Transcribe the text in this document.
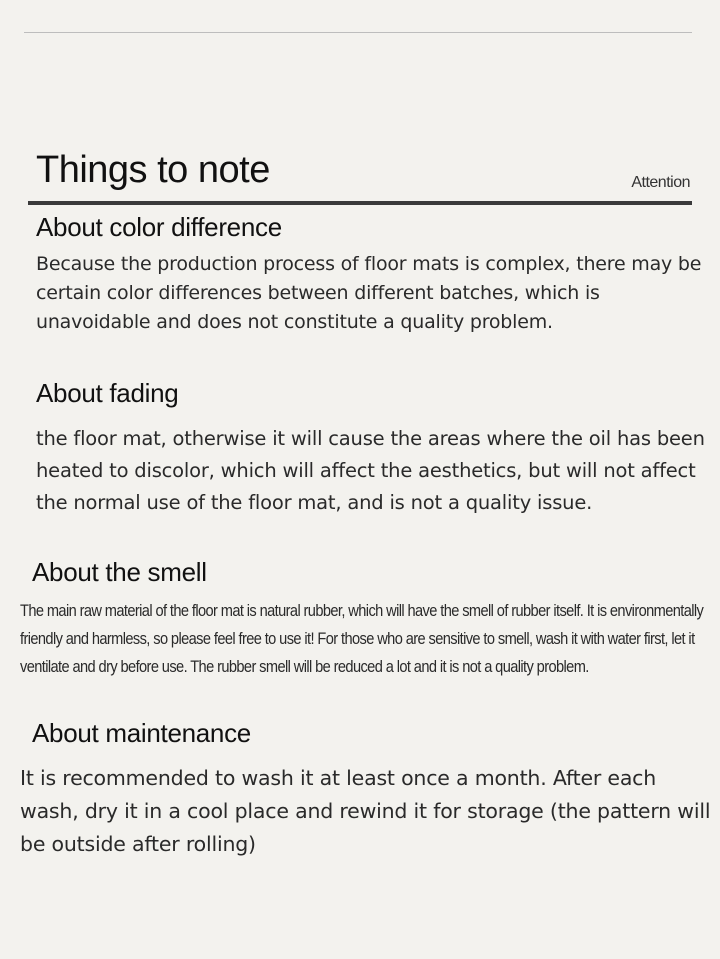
Things to note	Attention
About color difference

Because the production process of floor mats is complex, there may be certain color differences between different batches, which is unavoidable and does not constitute a quality problem.

About fading

the floor mat, otherwise it will cause the areas where the oil has been heated to discolor, which will affect the aesthetics, but will not affect the normal use of the floor mat, and is not a quality issue.

About the smell

The main raw material of the floor mat is natural rubber, which will have the smell of rubber itself. It is environmentally friendly and harmless, so please feel free to use it! For those who are sensitive to smell, wash it with water first, let it ventilate and dry before use. The rubber smell will be reduced a lot and it is not a quality problem.

About maintenance

It is recommended to wash it at least once a month. After each wash, dry it in a cool place and rewind it for storage (the pattern will be outside after rolling)
